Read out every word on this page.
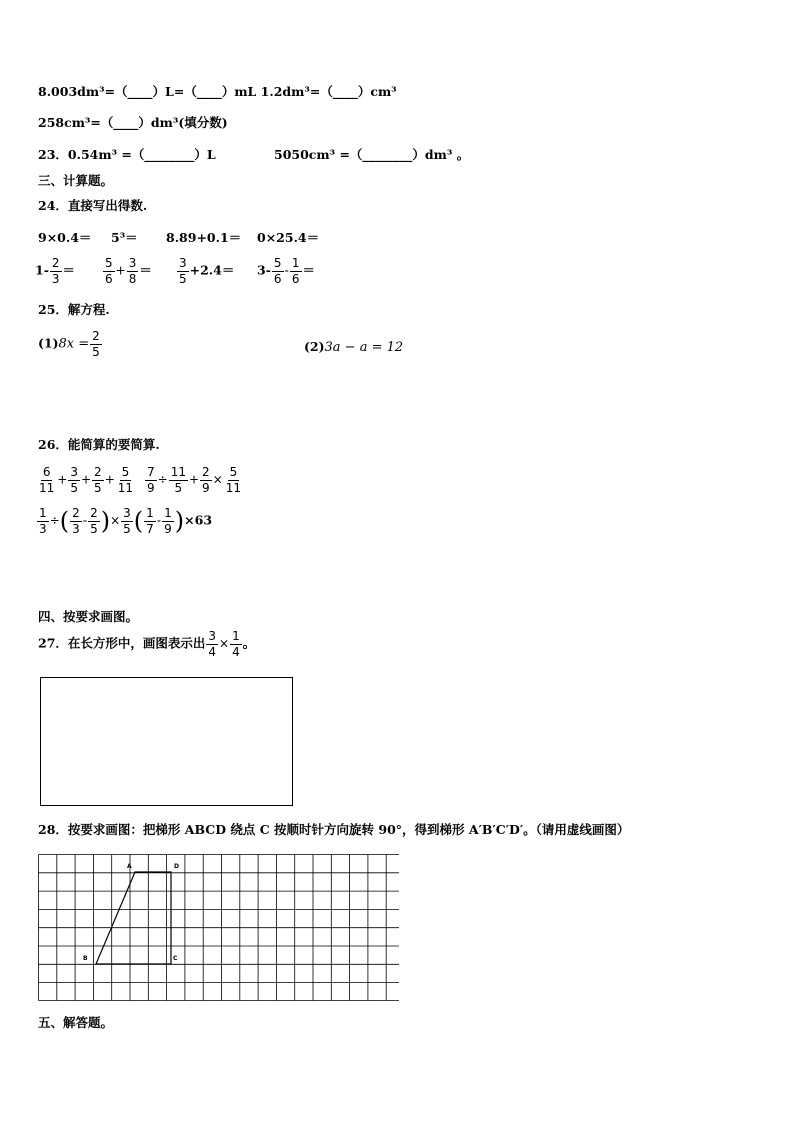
8.003dm³=（____）L=（____）mL 1.2dm³=（____）cm³
258cm³=（____）dm³(填分数)
23．0.54m³ =（________）L	5050cm³ =（________）dm³ 。
三、计算题。
24．直接写出得数.
9×0.4＝ 5³＝ 8.89+0.1＝ 0×25.4＝
$1- \frac{2}{3} = \frac{5}{6} + \frac{3}{8} = \frac{3}{5} +2.4= 3- \frac{5}{6} - \frac{1}{6}$ ＝
25．解方程.
$(1)8x = \frac{2}{5}$	(2)3a − a = 12
26．能简算的要简算.
$\frac{6}{11} + \frac{3}{5} + \frac{2}{5} + \frac{5}{11} \frac{7}{9} \div \frac{11}{5} + \frac{2}{9} \times \frac{5}{11}$
$\frac{1}{3}$ ÷( $\frac{2}{3} - \frac{2}{5}$ )× $\frac{3}{5}$ ( $\frac{1}{7} - \frac{1}{9} )\times 63$
四、按要求画图。
27．在长方形中，画图表示出 $\frac{3}{4} \times \frac{1}{4}$ 。
28．按要求画图：把梯形 ABCD 绕点 C 按顺时针方向旋转 90°，得到梯形 A′B′C′D′。（请用虚线画图）
A	D
B	C
五、解答题。
